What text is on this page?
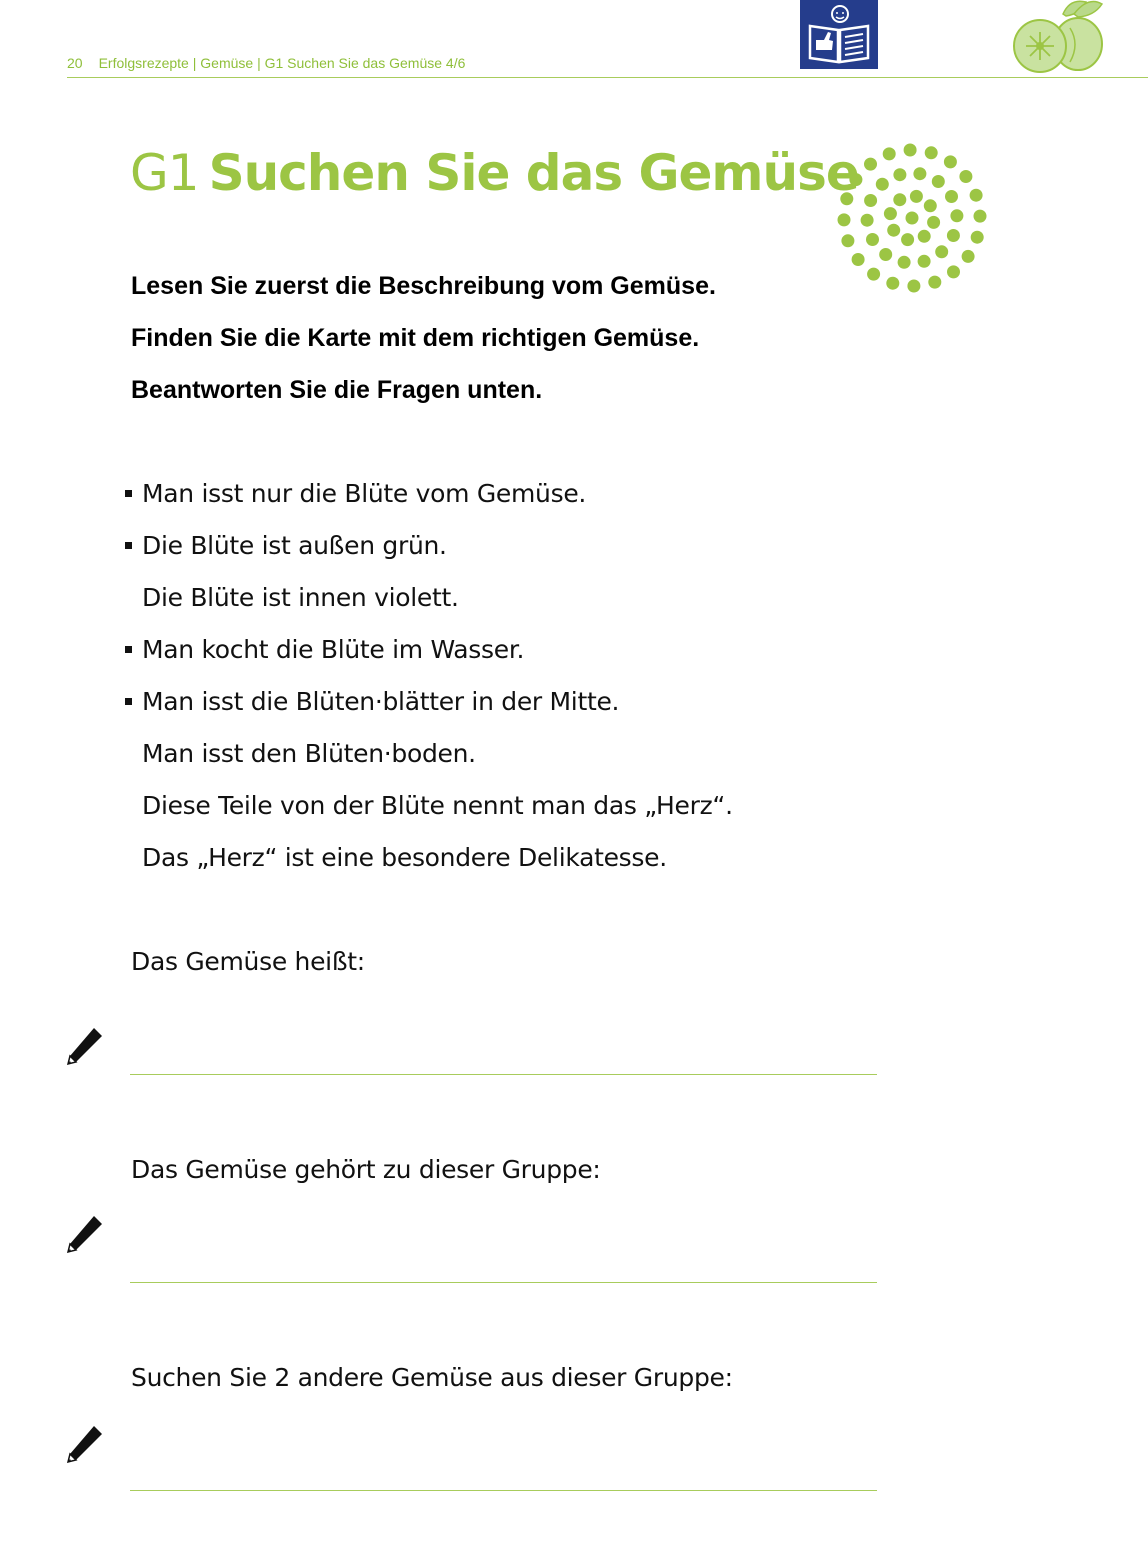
20 Erfolgsrezepte | Gemüse | G1 Suchen Sie das Gemüse 4/6
G1 Suchen Sie das Gemüse

Lesen Sie zuerst die Beschreibung vom Gemüse.

Finden Sie die Karte mit dem richtigen Gemüse.

Beantworten Sie die Fragen unten.

Man isst nur die Blüte vom Gemüse.

Die Blüte ist außen grün.

Die Blüte ist innen violett.

Man kocht die Blüte im Wasser.

Man isst die Blüten·blätter in der Mitte.

Man isst den Blüten·boden.

Diese Teile von der Blüte nennt man das „Herz“.

Das „Herz“ ist eine besondere Delikatesse.

Das Gemüse heißt:

Das Gemüse gehört zu dieser Gruppe:

Suchen Sie 2 andere Gemüse aus dieser Gruppe:
